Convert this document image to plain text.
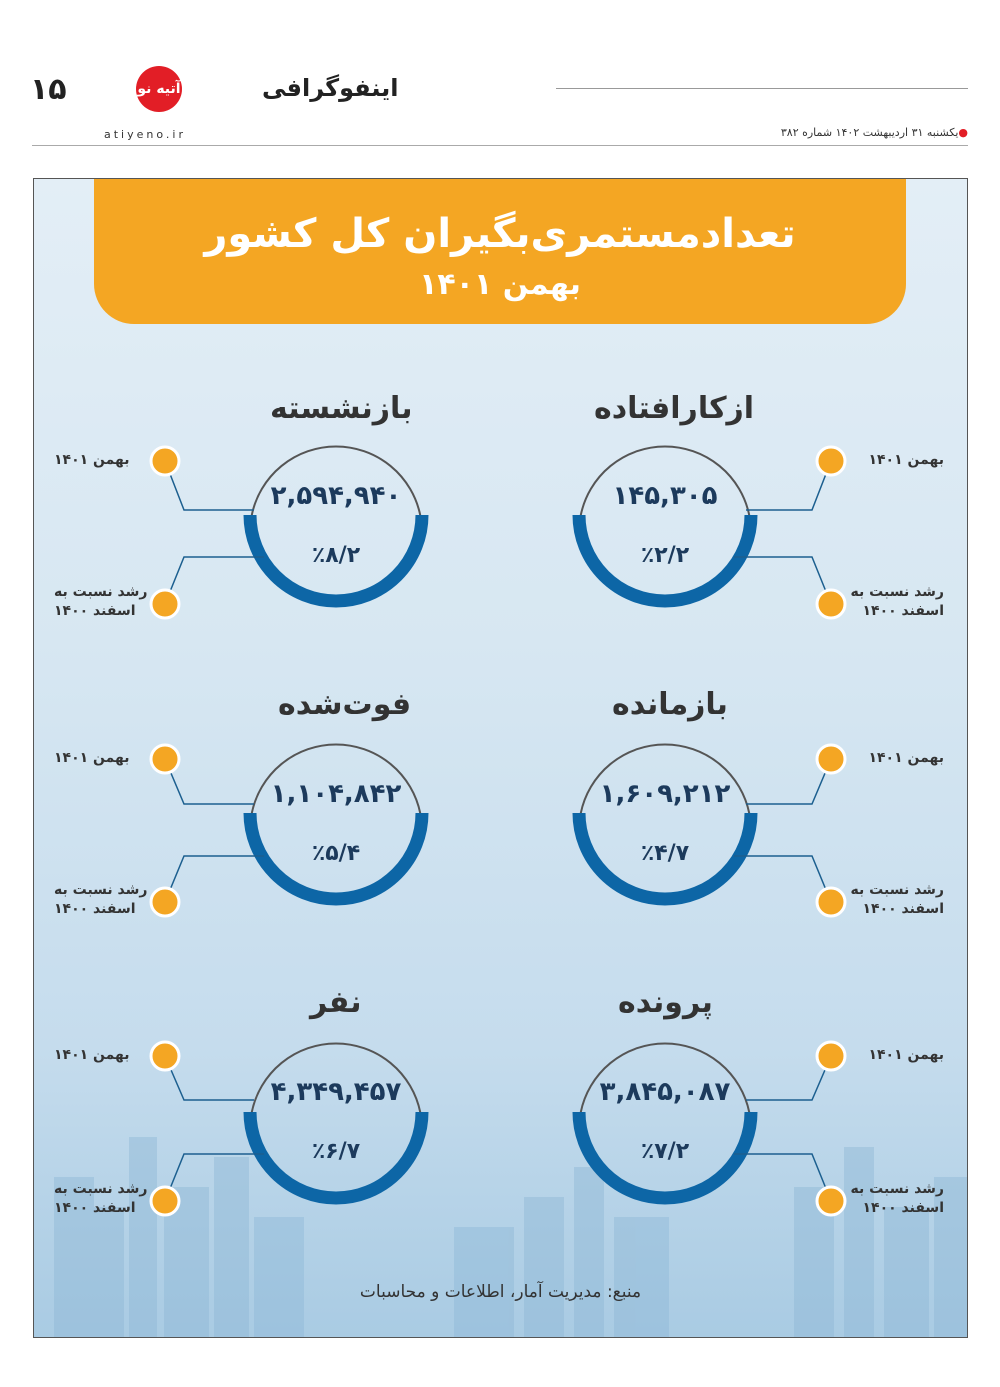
۱۵	آتیه نو	اینفوگرافی
atiyeno.ir	●یکشنبه ۳۱ اردیبهشت ۱۴۰۲ شماره ۳۸۲
تعدادمستمری‌بگیران کل کشور
بهمن ۱۴۰۱
بازنشسته
۲,۵۹۴,۹۴۰
٪۸/۲
بهمن ۱۴۰۱
رشد نسبت به
اسفند ۱۴۰۰
ازکارافتاده
۱۴۵,۳۰۵
٪۲/۲
بهمن ۱۴۰۱
رشد نسبت به
اسفند ۱۴۰۰
فوت‌شده
۱,۱۰۴,۸۴۲
٪۵/۴
بهمن ۱۴۰۱
رشد نسبت به
اسفند ۱۴۰۰
بازمانده
۱,۶۰۹,۲۱۲
٪۴/۷
بهمن ۱۴۰۱
رشد نسبت به
اسفند ۱۴۰۰
نفر
۴,۳۴۹,۴۵۷
٪۶/۷
بهمن ۱۴۰۱
رشد نسبت به
اسفند ۱۴۰۰
پرونده
۳,۸۴۵,۰۸۷
٪۷/۲
بهمن ۱۴۰۱
رشد نسبت به
اسفند ۱۴۰۰
منبع: مدیریت آمار، اطلاعات و محاسبات
